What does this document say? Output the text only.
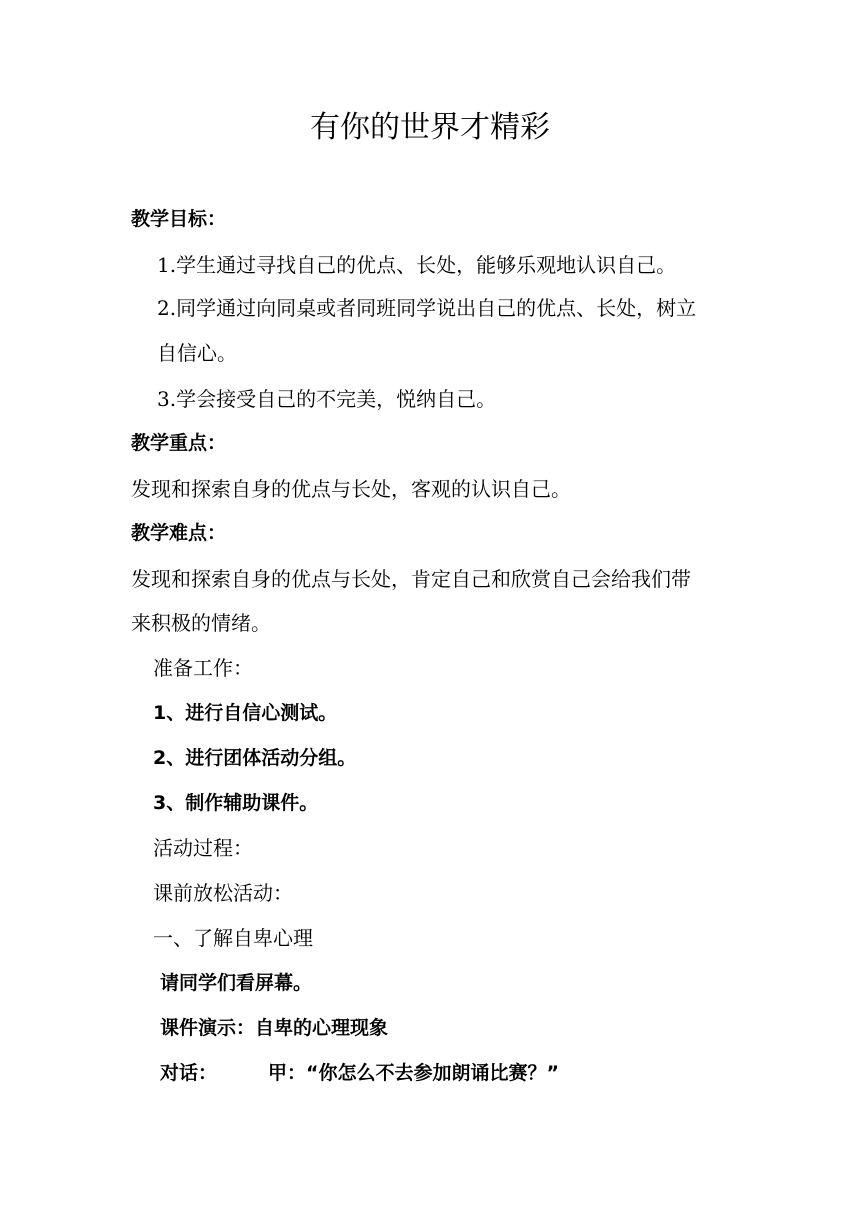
有你的世界才精彩
教学目标：
1.学生通过寻找自己的优点、长处，能够乐观地认识自己。
2.同学通过向同桌或者同班同学说出自己的优点、长处，树立
自信心。
3.学会接受自己的不完美，悦纳自己。
教学重点：
发现和探索自身的优点与长处，客观的认识自己。
教学难点：
发现和探索自身的优点与长处，肯定自己和欣赏自己会给我们带
来积极的情绪。
准备工作：
1、进行自信心测试。
2、进行团体活动分组。
3、制作辅助课件。
活动过程：
课前放松活动：
一、了解自卑心理
请同学们看屏幕。
课件演示：自卑的心理现象
对话：	甲：“你怎么不去参加朗诵比赛？”
